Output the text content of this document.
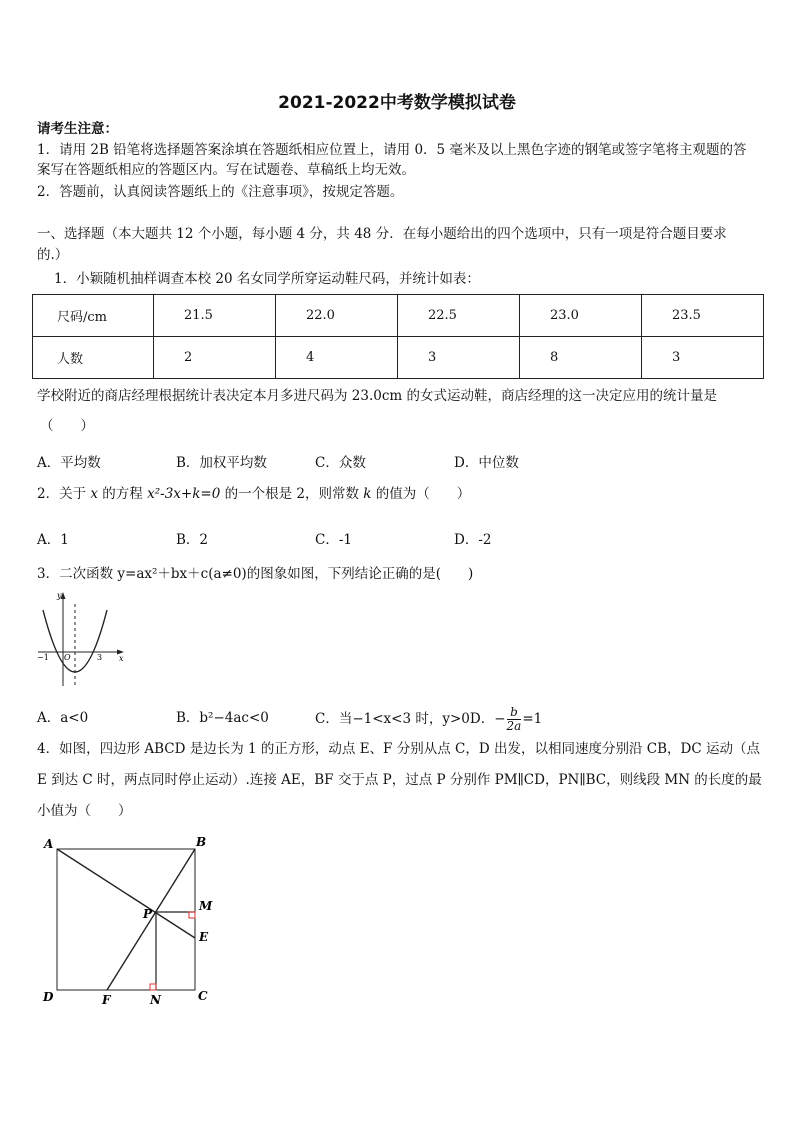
2021-2022中考数学模拟试卷
请考生注意：
1．请用 2B 铅笔将选择题答案涂填在答题纸相应位置上，请用 0．5 毫米及以上黑色字迹的钢笔或签字笔将主观题的答
案写在答题纸相应的答题区内。写在试题卷、草稿纸上均无效。
2．答题前，认真阅读答题纸上的《注意事项》，按规定答题。
一、选择题（本大题共 12 个小题，每小题 4 分，共 48 分．在每小题给出的四个选项中，只有一项是符合题目要求
的.）
1．小颖随机抽样调查本校 20 名女同学所穿运动鞋尺码，并统计如表：
尺码/cm	21.5	22.0	22.5	23.0	23.5
人数	2	4	3	8	3
学校附近的商店经理根据统计表决定本月多进尺码为 23.0cm 的女式运动鞋，商店经理的这一决定应用的统计量是
（　　）
A．平均数	B．加权平均数	C．众数	D．中位数
2．关于 x 的方程 x²-3x+k=0 的一个根是 2，则常数 k 的值为（　　）
A．1	B．2	C．-1	D．-2
3．二次函数 y=ax²＋bx＋c(a≠0)的图象如图，下列结论正确的是(　　)
y
x
−1 O	3
A．a<0	B．b²−4ac<0	C．当−1<x<3 时，y>0D．− $\frac{b}{2a} =1$
4．如图，四边形 ABCD 是边长为 1 的正方形，动点 E、F 分别从点 C，D 出发，以相同速度分别沿 CB，DC 运动（点
E 到达 C 时，两点同时停止运动）.连接 AE，BF 交于点 P，过点 P 分别作 PM∥CD，PN∥BC，则线段 MN 的长度的最
小值为（　　）
A	B
C
D
E
F
M
N
P
